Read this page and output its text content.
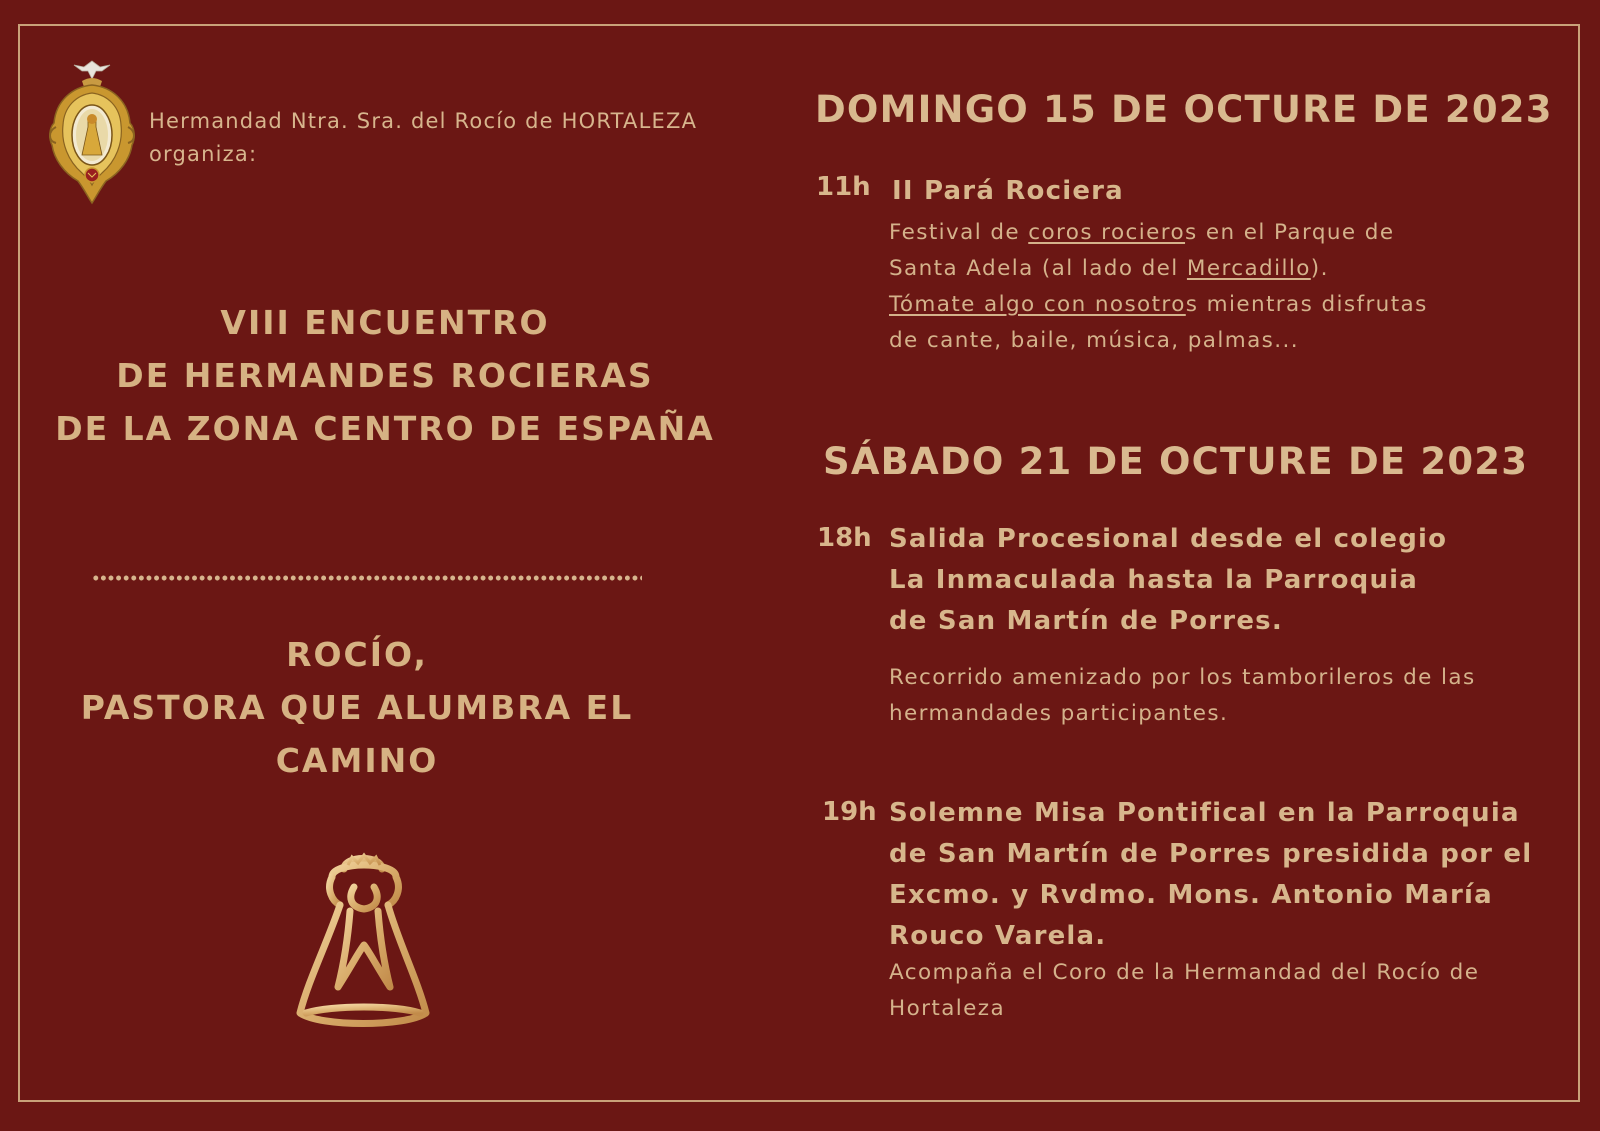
Hermandad Ntra. Sra. del Rocío de HORTALEZA
organiza:
VIII ENCUENTRO
DE HERMANDES ROCIERAS
DE LA ZONA CENTRO DE ESPAÑA
ROCÍO,
PASTORA QUE ALUMBRA EL
CAMINO
DOMINGO 15 DE OCTURE DE 2023
11h II Pará Rociera
Festival de coros rocieros en el Parque de
Santa Adela (al lado del Mercadillo).
Tómate algo con nosotros mientras disfrutas
de cante, baile, música, palmas...
SÁBADO 21 DE OCTURE DE 2023
18h Salida Procesional desde el colegio
La Inmaculada hasta la Parroquia
de San Martín de Porres.
Recorrido amenizado por los tamborileros de las
hermandades participantes.
19h Solemne Misa Pontifical en la Parroquia
de San Martín de Porres presidida por el
Excmo. y Rvdmo. Mons. Antonio María
Rouco Varela.
Acompaña el Coro de la Hermandad del Rocío de
Hortaleza
